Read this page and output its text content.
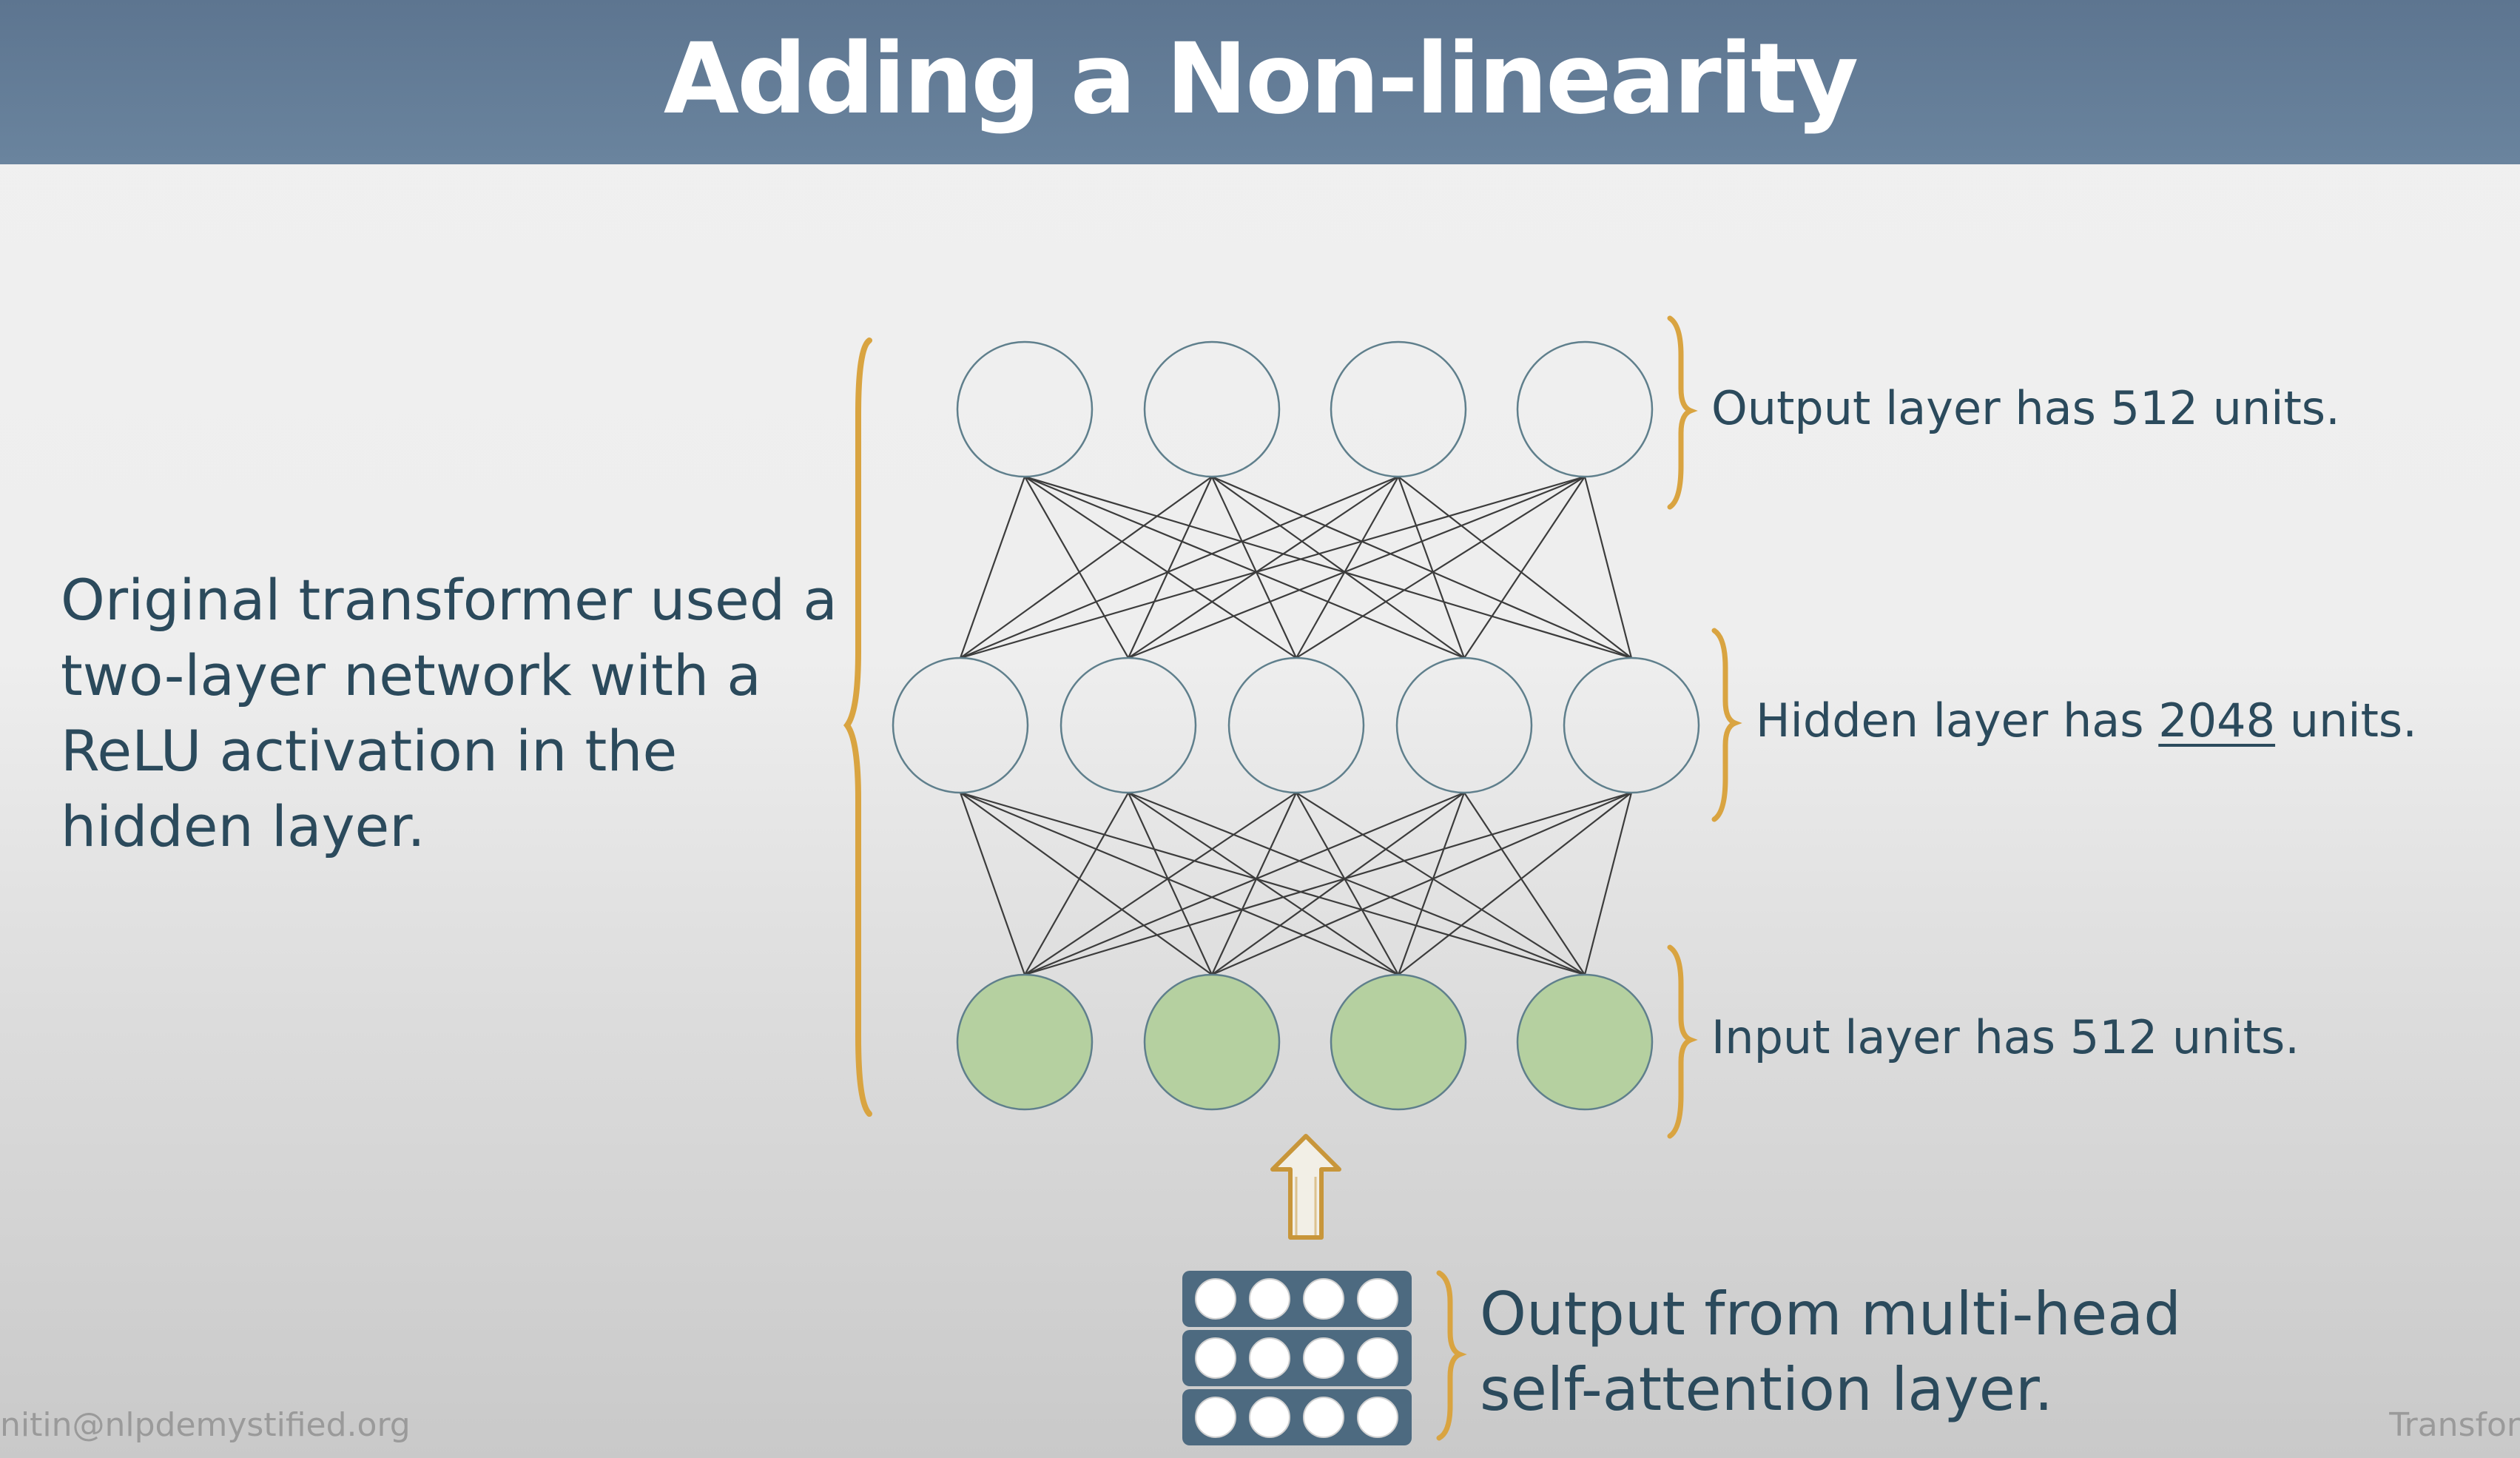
Adding a Non-linearity
Original transformer used a two-layer network with a ReLU activation in the hidden layer.
Output layer has 512 units.
Hidden layer has 2048 units.
Input layer has 512 units.
Output from multi-head
self-attention layer.
nitin@nlpdemystified.org	Transfor
